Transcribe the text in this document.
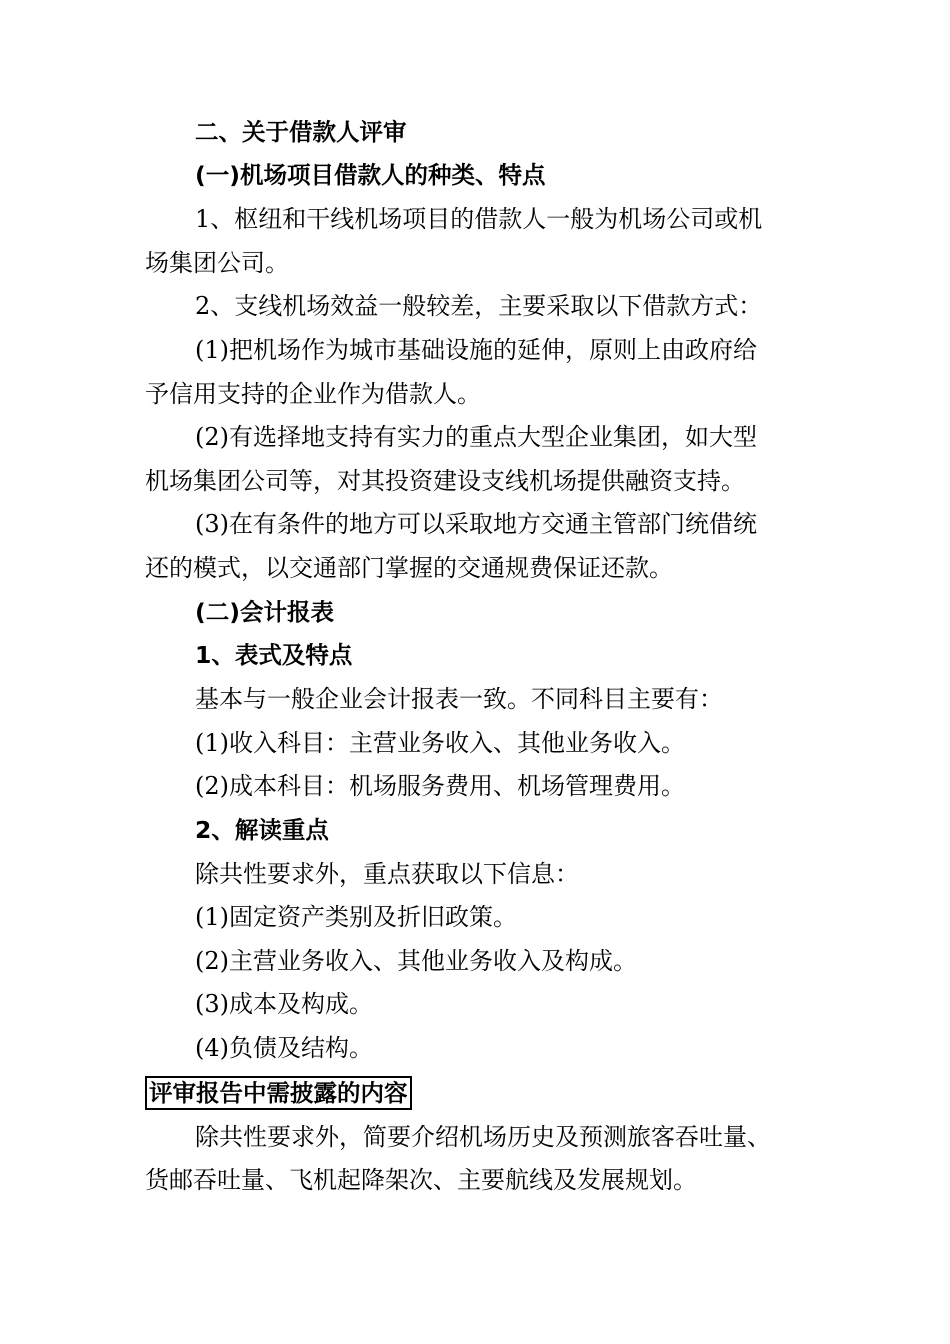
二、关于借款人评审
(一)机场项目借款人的种类、特点
1、枢纽和干线机场项目的借款人一般为机场公司或机
场集团公司。
2、支线机场效益一般较差，主要采取以下借款方式：
(1)把机场作为城市基础设施的延伸，原则上由政府给
予信用支持的企业作为借款人。
(2)有选择地支持有实力的重点大型企业集团，如大型
机场集团公司等，对其投资建设支线机场提供融资支持。
(3)在有条件的地方可以采取地方交通主管部门统借统
还的模式，以交通部门掌握的交通规费保证还款。
(二)会计报表
1、表式及特点
基本与一般企业会计报表一致。不同科目主要有：
(1)收入科目：主营业务收入、其他业务收入。
(2)成本科目：机场服务费用、机场管理费用。
2、解读重点
除共性要求外，重点获取以下信息：
(1)固定资产类别及折旧政策。
(2)主营业务收入、其他业务收入及构成。
(3)成本及构成。
(4)负债及结构。
评审报告中需披露的内容
除共性要求外，简要介绍机场历史及预测旅客吞吐量、
货邮吞吐量、飞机起降架次、主要航线及发展规划。
